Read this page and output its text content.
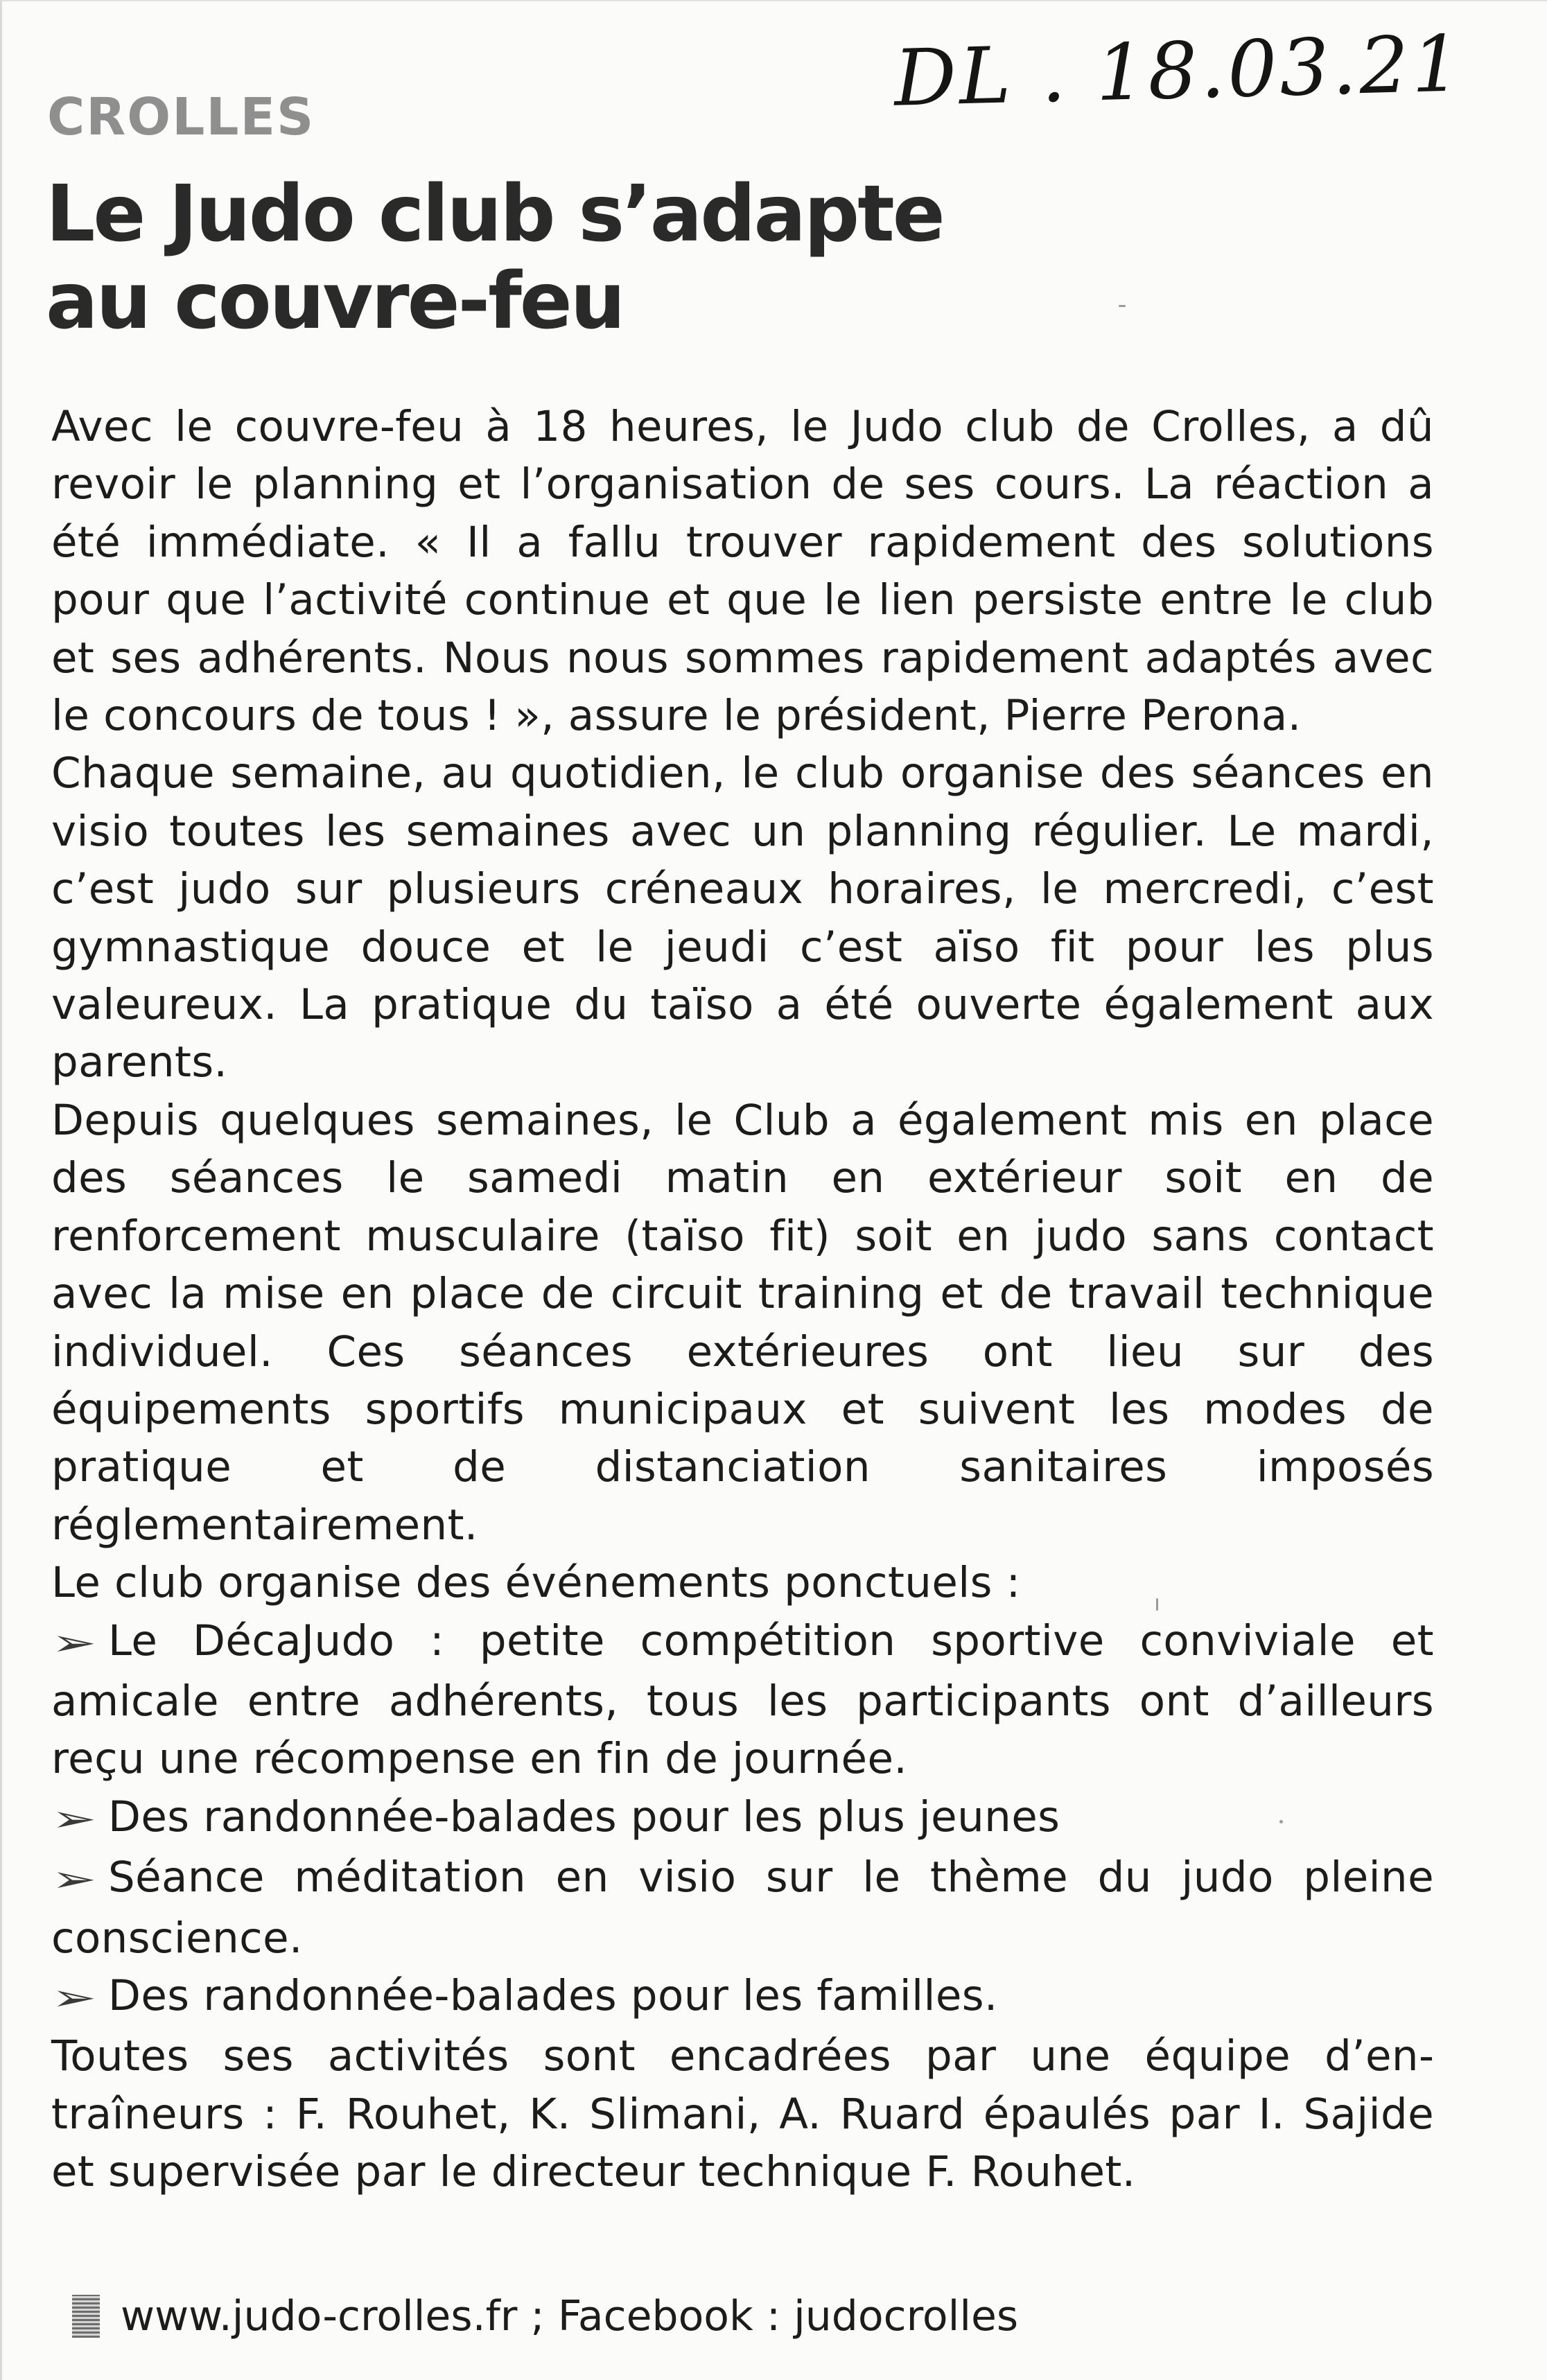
DL . 18.03.21
CROLLES
Le Judo club s’adapte
au couvre-feu

Avec le couvre-feu à 18 heures, le Judo club de Crolles, a dû revoir le planning et l’organisation de ses cours. La réaction a été immédiate. « Il a fallu trouver rapidement des solutions pour que l’activité continue et que le lien persiste entre le club et ses adhérents. Nous nous sommes rapidement adaptés avec le concours de tous ! », assure le président, Pierre Perona.

Chaque semaine, au quotidien, le club organise des séances en visio toutes les semaines avec un planning régulier. Le mardi, c’est judo sur plusieurs créneaux horaires, le mercredi, c’est gymnastique douce et le jeudi c’est aïso fit pour les plus valeureux. La pratique du taïso a été ouverte également aux parents.

Depuis quelques semaines, le Club a également mis en place des séances le samedi matin en extérieur soit en de renforcement musculaire (taïso fit) soit en judo sans contact avec la mise en place de circuit training et de travail technique individuel. Ces séances extérieures ont lieu sur des équipements sportifs municipaux et suivent les modes de pratique et de distanciation sanitaires imposés réglementairement.

Le club organise des événements ponctuels :

➢ Le DécaJudo : petite compétition sportive conviviale et amicale entre adhérents, tous les participants ont d’ailleurs reçu une récompense en fin de journée.

➢ Des randonnée-balades pour les plus jeunes

➢ Séance méditation en visio sur le thème du judo pleine conscience.

➢ Des randonnée-balades pour les familles.

Toutes ses activités sont encadrées par une équipe d’entraîneurs : F. Rouhet, K. Slimani, A. Ruard épaulés par I. Sajide et supervisée par le directeur technique F. Rouhet.

www.judo-crolles.fr ; Facebook : judocrolles
